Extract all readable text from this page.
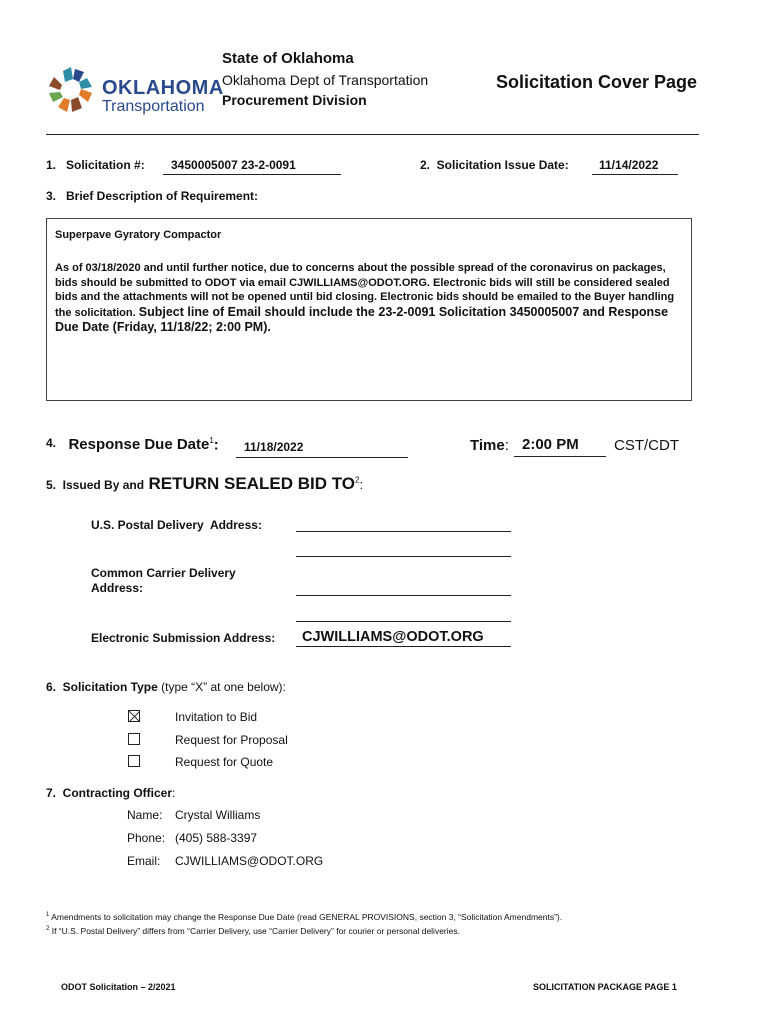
OKLAHOMA
Transportation
State of Oklahoma
Oklahoma Dept of Transportation
Procurement Division
Solicitation Cover Page
1.   Solicitation #:	3450005007 23-2-0091	2.  Solicitation Issue Date:	11/14/2022
3.   Brief Description of Requirement:
Superpave Gyratory Compactor
As of 03/18/2020 and until further notice, due to concerns about the possible spread of the coronavirus on packages, bids should be submitted to ODOT via email CJWILLIAMS@ODOT.ORG. Electronic bids will still be considered sealed bids and the attachments will not be opened until bid closing. Electronic bids should be emailed to the Buyer handling the solicitation. Subject line of Email should include the 23-2-0091 Solicitation 3450005007 and Response Due Date (Friday, 11/18/22; 2:00 PM).
4. Response Due Date$^1$:	11/18/2022	Time: 2:00 PM	CST/CDT
5.  Issued By and RETURN SEALED BID $TO^2$:
U.S. Postal Delivery  Address:
Common Carrier Delivery Address:
Electronic Submission Address:	CJWILLIAMS@ODOT.ORG
6.  Solicitation Type (type “X” at one below):
Invitation to Bid
Request for Proposal
Request for Quote
7.  Contracting Officer:
Name: Crystal Williams
Phone: (405) 588-3397
Email: CJWILLIAMS@ODOT.ORG
$^1$ Amendments to solicitation may change the Response Due Date (read GENERAL PROVISIONS, section 3, “Solicitation Amendments”).
$^2$ If “U.S. Postal Delivery” differs from “Carrier Delivery, use “Carrier Delivery” for courier or personal deliveries.
ODOT Solicitation – 2/2021	SOLICITATION PACKAGE PAGE 1
